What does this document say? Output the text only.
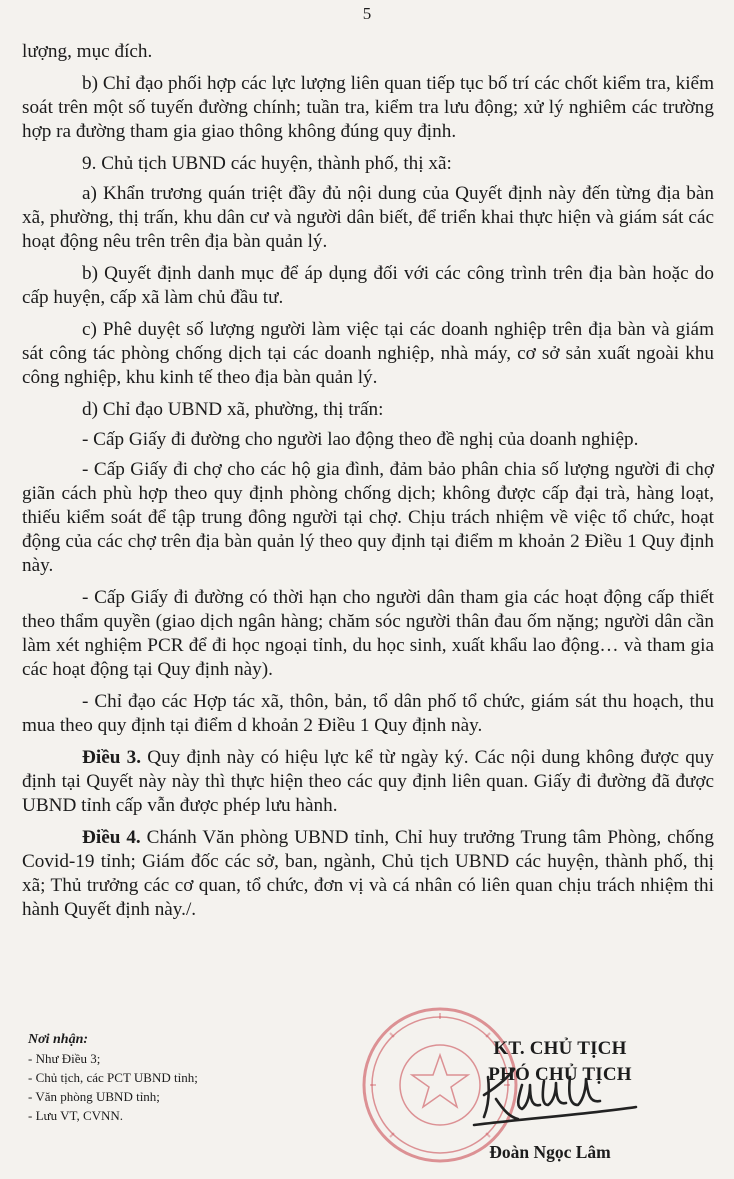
5

lượng, mục đích.

b) Chỉ đạo phối hợp các lực lượng liên quan tiếp tục bố trí các chốt kiểm tra, kiểm soát trên một số tuyến đường chính; tuần tra, kiểm tra lưu động; xử lý nghiêm các trường hợp ra đường tham gia giao thông không đúng quy định.

9. Chủ tịch UBND các huyện, thành phố, thị xã:

a) Khẩn trương quán triệt đầy đủ nội dung của Quyết định này đến từng địa bàn xã, phường, thị trấn, khu dân cư và người dân biết, để triển khai thực hiện và giám sát các hoạt động nêu trên trên địa bàn quản lý.

b) Quyết định danh mục để áp dụng đối với các công trình trên địa bàn hoặc do cấp huyện, cấp xã làm chủ đầu tư.

c) Phê duyệt số lượng người làm việc tại các doanh nghiệp trên địa bàn và giám sát công tác phòng chống dịch tại các doanh nghiệp, nhà máy, cơ sở sản xuất ngoài khu công nghiệp, khu kinh tế theo địa bàn quản lý.

d) Chỉ đạo UBND xã, phường, thị trấn:

- Cấp Giấy đi đường cho người lao động theo đề nghị của doanh nghiệp.

- Cấp Giấy đi chợ cho các hộ gia đình, đảm bảo phân chia số lượng người đi chợ giãn cách phù hợp theo quy định phòng chống dịch; không được cấp đại trà, hàng loạt, thiếu kiểm soát để tập trung đông người tại chợ. Chịu trách nhiệm về việc tổ chức, hoạt động của các chợ trên địa bàn quản lý theo quy định tại điểm m khoản 2 Điều 1 Quy định này.

- Cấp Giấy đi đường có thời hạn cho người dân tham gia các hoạt động cấp thiết theo thẩm quyền (giao dịch ngân hàng; chăm sóc người thân đau ốm nặng; người dân cần làm xét nghiệm PCR để đi học ngoại tỉnh, du học sinh, xuất khẩu lao động… và tham gia các hoạt động tại Quy định này).

- Chỉ đạo các Hợp tác xã, thôn, bản, tổ dân phố tổ chức, giám sát thu hoạch, thu mua theo quy định tại điểm d khoản 2 Điều 1 Quy định này.

Điều 3. Quy định này có hiệu lực kể từ ngày ký. Các nội dung không được quy định tại Quyết này này thì thực hiện theo các quy định liên quan. Giấy đi đường đã được UBND tỉnh cấp vẫn được phép lưu hành.

Điều 4. Chánh Văn phòng UBND tỉnh, Chỉ huy trưởng Trung tâm Phòng, chống Covid-19 tỉnh; Giám đốc các sở, ban, ngành, Chủ tịch UBND các huyện, thành phố, thị xã; Thủ trưởng các cơ quan, tổ chức, đơn vị và cá nhân có liên quan chịu trách nhiệm thi hành Quyết định này./.

Nơi nhận:
- Như Điều 3;
- Chủ tịch, các PCT UBND tỉnh;
- Văn phòng UBND tỉnh;
- Lưu VT, CVNN.
KT. CHỦ TỊCH
PHÓ CHỦ TỊCH
Đoàn Ngọc Lâm
